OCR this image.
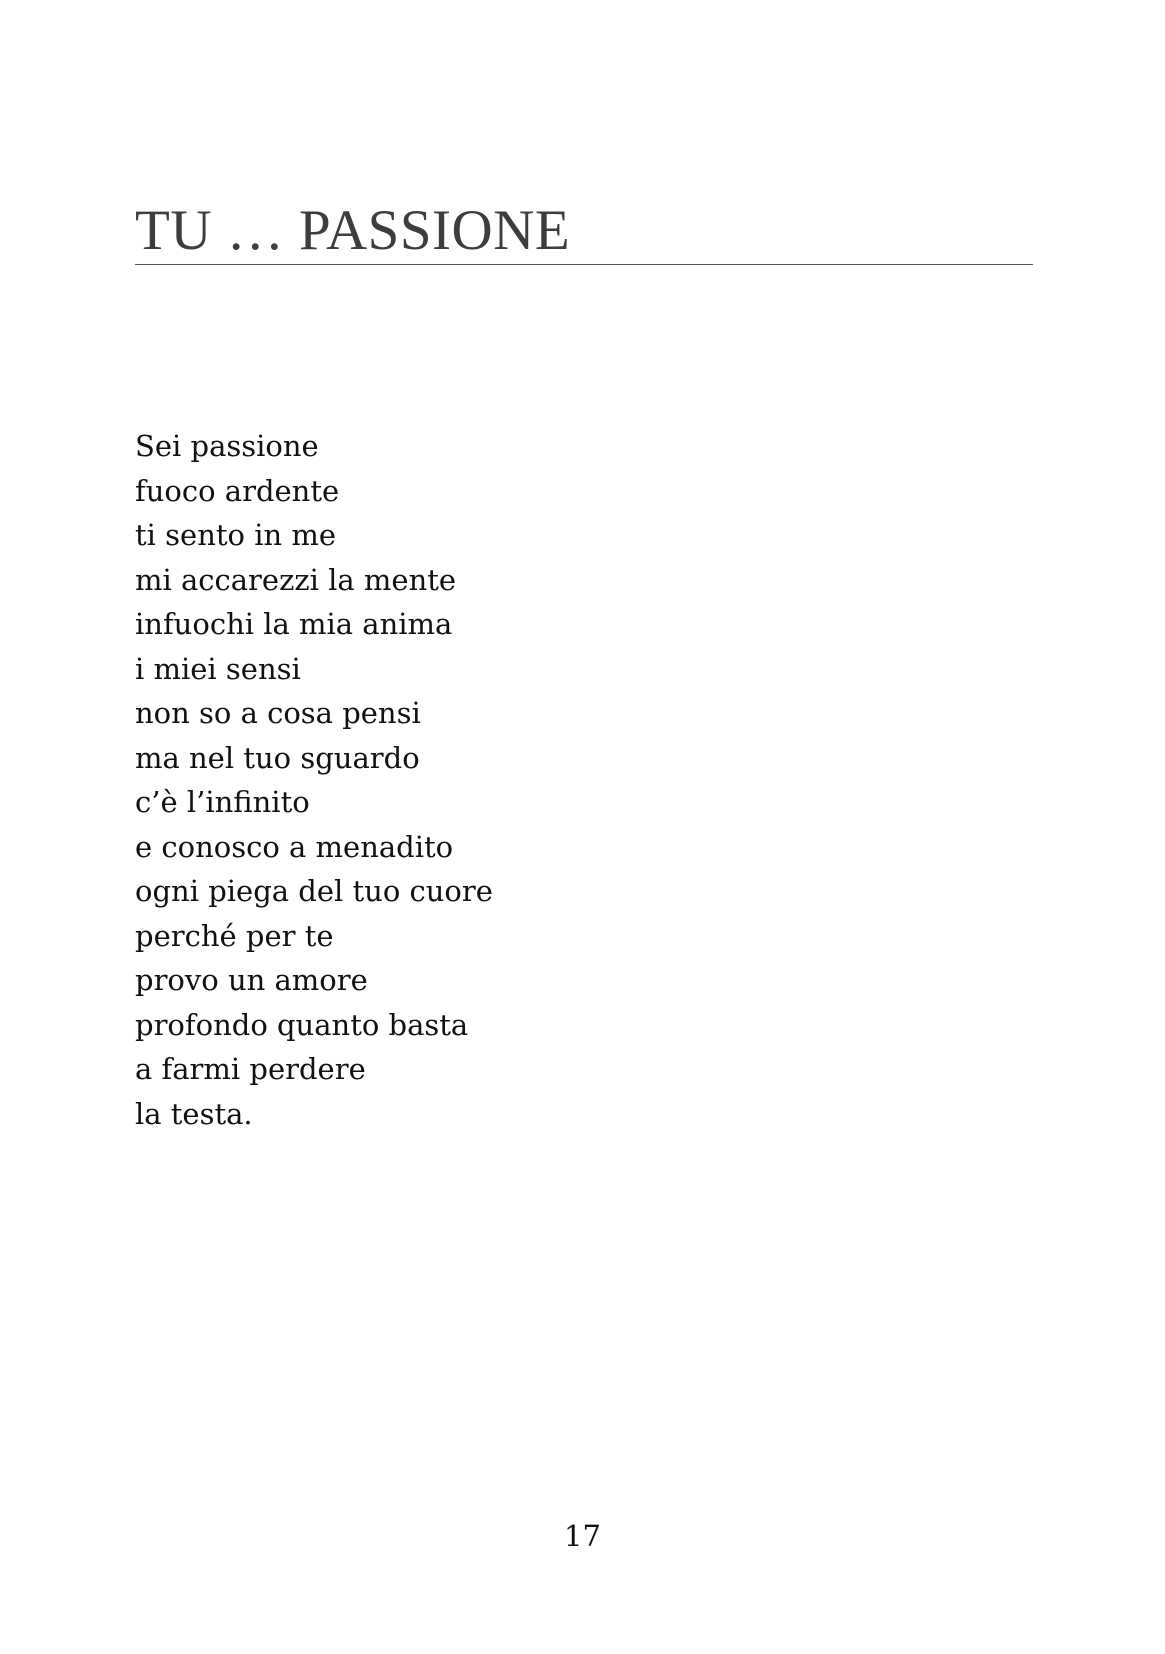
TU … PASSIONE
Sei passione
fuoco ardente
ti sento in me
mi accarezzi la mente
infuochi la mia anima
i miei sensi
non so a cosa pensi
ma nel tuo sguardo
c’è l’infinito
e conosco a menadito
ogni piega del tuo cuore
perché per te
provo un amore
profondo quanto basta
a farmi perdere
la testa.
17
